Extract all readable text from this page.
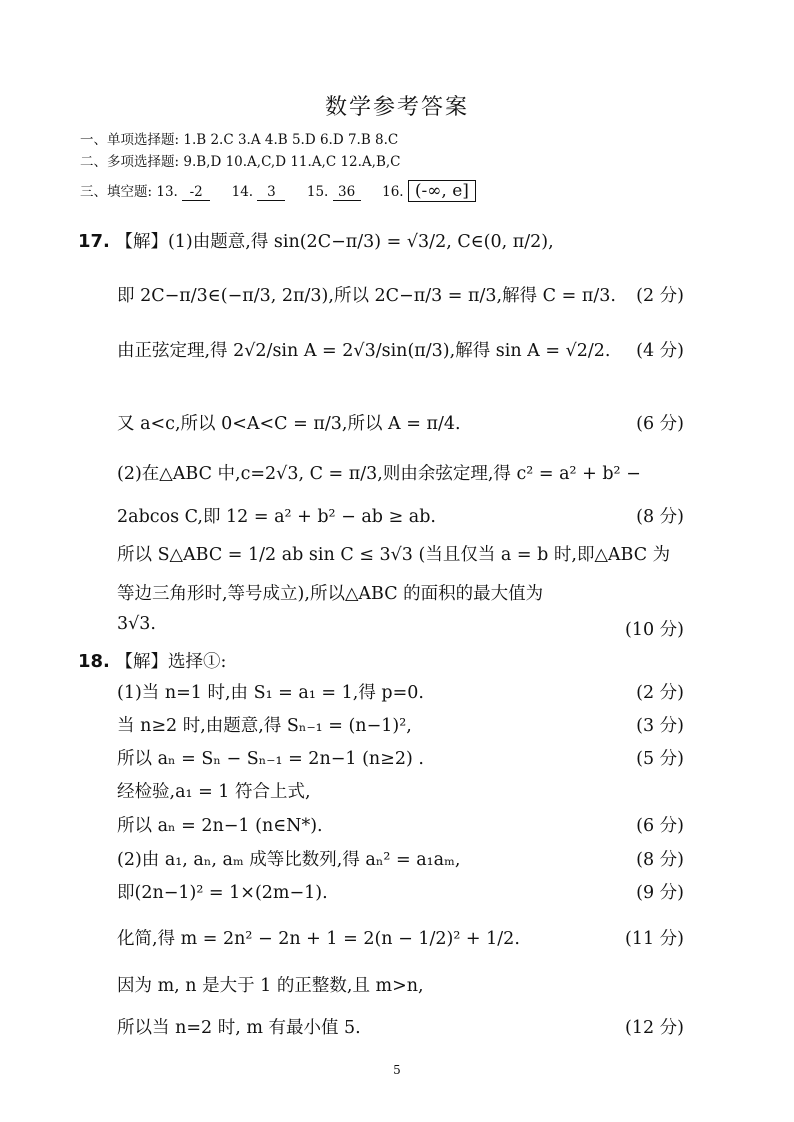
数学参考答案
一、单项选择题: 1.B 2.C 3.A 4.B 5.D 6.D 7.B 8.C
二、多项选择题: 9.B,D 10.A,C,D 11.A,C 12.A,B,C
三、填空题: 13. -2 14. 3 15. 36 16. (-∞, e]
17. 【解】(1)由题意,得 sin(2C−π/3) = √3/2, C∈(0, π/2),
即 2C−π/3∈(−π/3, 2π/3),所以 2C−π/3 = π/3,解得 C = π/3. (2 分)
由正弦定理,得 2√2/sin A = 2√3/sin(π/3),解得 sin A = √2/2. (4 分)
又 a<c,所以 0<A<C = π/3,所以 A = π/4.	(6 分)
(2)在△ABC 中,c=2√3, C = π/3,则由余弦定理,得 c² = a² + b² −
2abcos C,即 12 = a² + b² − ab ≥ ab.	(8 分)
所以 S△ABC = 1/2 ab sin C ≤ 3√3 (当且仅当 a = b 时,即△ABC 为
等边三角形时,等号成立),所以△ABC 的面积的最大值为
3√3.	(10 分)
18. 【解】选择①:
(1)当 n=1 时,由 S₁ = a₁ = 1,得 p=0.	(2 分)
当 n≥2 时,由题意,得 Sₙ₋₁ = (n−1)²,	(3 分)
所以 aₙ = Sₙ − Sₙ₋₁ = 2n−1 (n≥2) .	(5 分)
经检验,a₁ = 1 符合上式,
所以 aₙ = 2n−1 (n∈N*).	(6 分)
(2)由 a₁, aₙ, aₘ 成等比数列,得 aₙ² = a₁aₘ,	(8 分)
即(2n−1)² = 1×(2m−1).	(9 分)
化简,得 m = 2n² − 2n + 1 = 2(n − 1/2)² + 1/2.	(11 分)
因为 m, n 是大于 1 的正整数,且 m>n,
所以当 n=2 时, m 有最小值 5.	(12 分)
5
